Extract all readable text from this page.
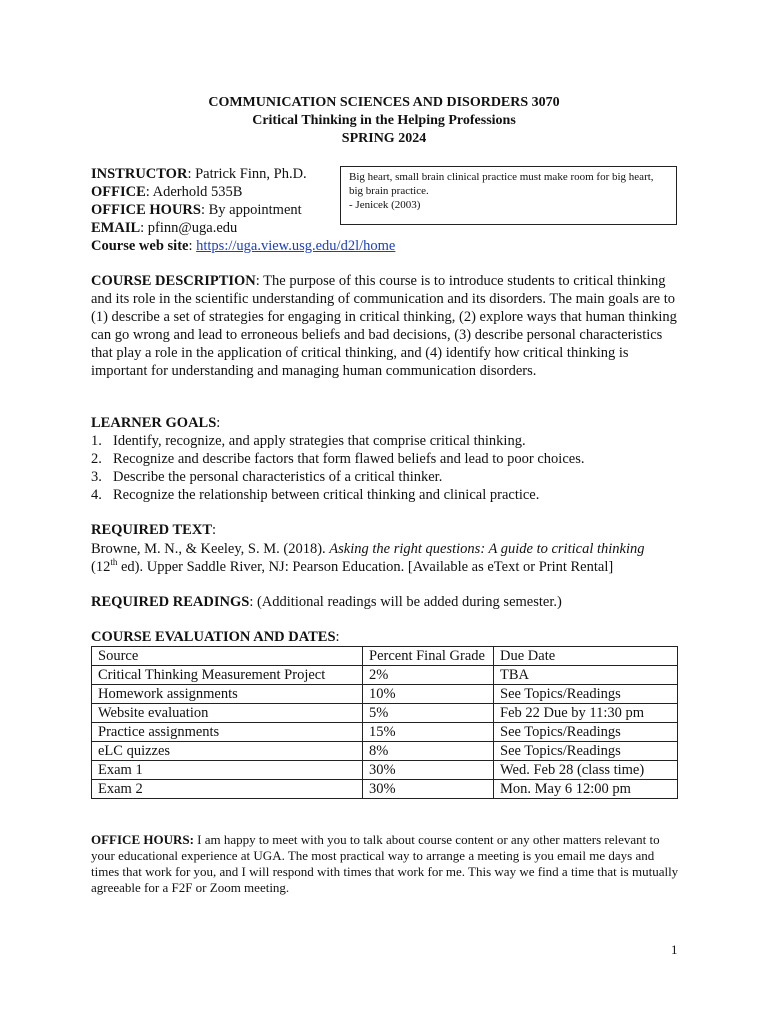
COMMUNICATION SCIENCES AND DISORDERS 3070
Critical Thinking in the Helping Professions
SPRING 2024
INSTRUCTOR: Patrick Finn, Ph.D.
OFFICE: Aderhold 535B
OFFICE HOURS: By appointment
EMAIL: pfinn@uga.edu
Course web site: https://uga.view.usg.edu/d2l/home
Big heart, small brain clinical practice must make room for big heart,
big brain practice.
- Jenicek (2003)
COURSE DESCRIPTION: The purpose of this course is to introduce students to critical thinking and its role in the scientific understanding of communication and its disorders. The main goals are to (1) describe a set of strategies for engaging in critical thinking, (2) explore ways that human thinking can go wrong and lead to erroneous beliefs and bad decisions, (3) describe personal characteristics that play a role in the application of critical thinking, and (4) identify how critical thinking is important for understanding and managing human communication disorders.
LEARNER GOALS:
1. Identify, recognize, and apply strategies that comprise critical thinking.
2. Recognize and describe factors that form flawed beliefs and lead to poor choices.
3. Describe the personal characteristics of a critical thinker.
4. Recognize the relationship between critical thinking and clinical practice.
REQUIRED TEXT:
Browne, M. N., & Keeley, S. M. (2018). Asking the right questions: A guide to critical thinking
(12th ed). Upper Saddle River, NJ: Pearson Education. [Available as eText or Print Rental]
REQUIRED READINGS: (Additional readings will be added during semester.)
COURSE EVALUATION AND DATES:
Source	Percent Final Grade	Due Date
Critical Thinking Measurement Project	2%	TBA
Homework assignments	10%	See Topics/Readings
Website evaluation	5%	Feb 22 Due by 11:30 pm
Practice assignments	15%	See Topics/Readings
eLC quizzes	8%	See Topics/Readings
Exam 1	30%	Wed. Feb 28 (class time)
Exam 2	30%	Mon. May 6 12:00 pm
OFFICE HOURS: I am happy to meet with you to talk about course content or any other matters relevant to your educational experience at UGA. The most practical way to arrange a meeting is you email me days and times that work for you, and I will respond with times that work for me. This way we find a time that is mutually agreeable for a F2F or Zoom meeting.
1
